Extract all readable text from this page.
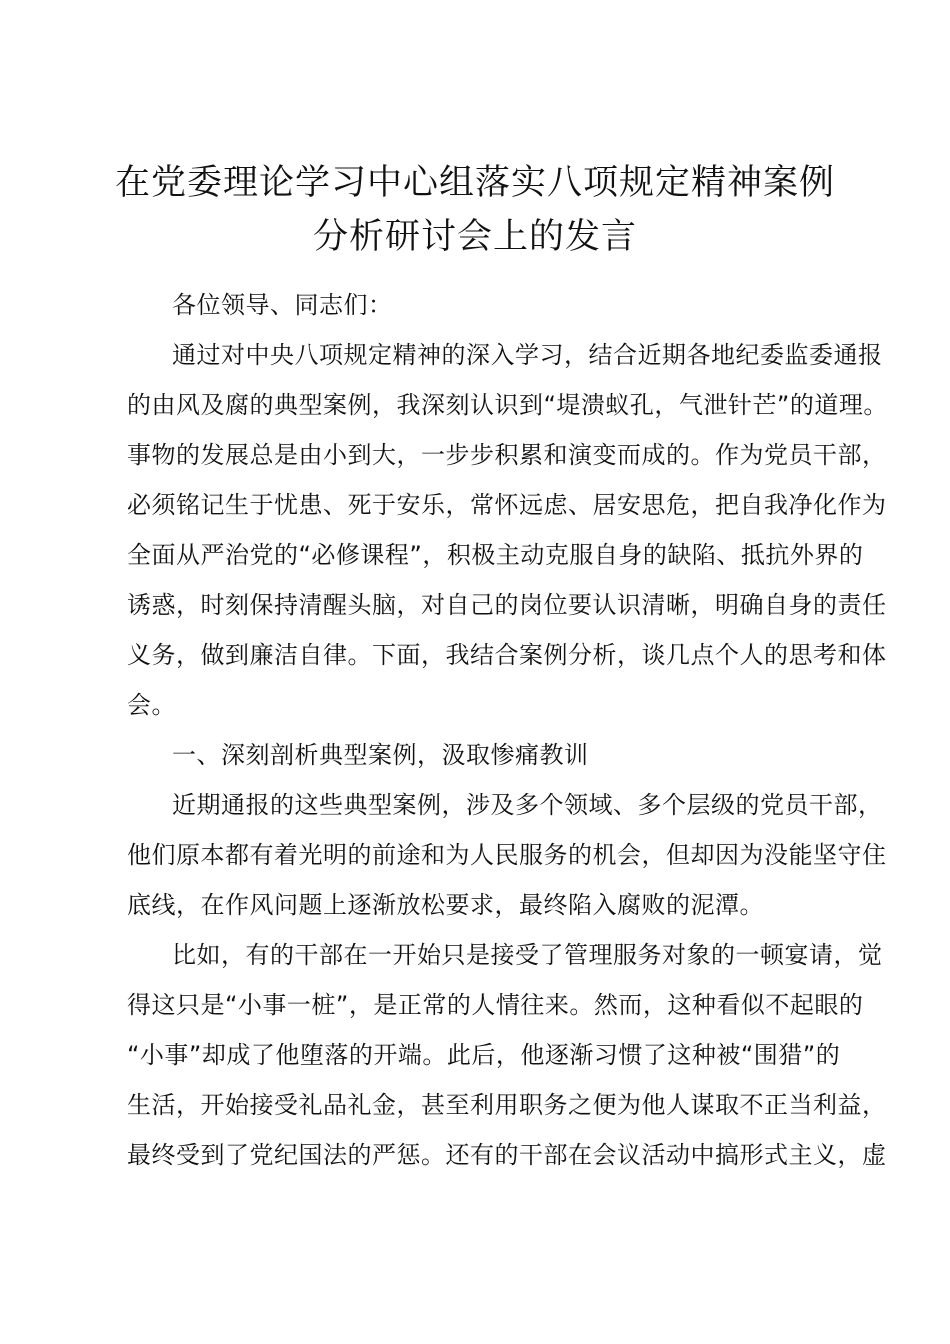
在党委理论学习中心组落实八项规定精神案例
分析研讨会上的发言
各位领导、同志们：
通过对中央八项规定精神的深入学习，结合近期各地纪委监委通报
的由风及腐的典型案例，我深刻认识到“堤溃蚁孔，气泄针芒”的道理。
事物的发展总是由小到大，一步步积累和演变而成的。作为党员干部，
必须铭记生于忧患、死于安乐，常怀远虑、居安思危，把自我净化作为
全面从严治党的“必修课程”，积极主动克服自身的缺陷、抵抗外界的
诱惑，时刻保持清醒头脑，对自己的岗位要认识清晰，明确自身的责任
义务，做到廉洁自律。下面，我结合案例分析，谈几点个人的思考和体
会。
一、深刻剖析典型案例，汲取惨痛教训
近期通报的这些典型案例，涉及多个领域、多个层级的党员干部，
他们原本都有着光明的前途和为人民服务的机会，但却因为没能坚守住
底线，在作风问题上逐渐放松要求，最终陷入腐败的泥潭。
比如，有的干部在一开始只是接受了管理服务对象的一顿宴请，觉
得这只是“小事一桩”，是正常的人情往来。然而，这种看似不起眼的
“小事”却成了他堕落的开端。此后，他逐渐习惯了这种被“围猎”的
生活，开始接受礼品礼金，甚至利用职务之便为他人谋取不正当利益，
最终受到了党纪国法的严惩。还有的干部在会议活动中搞形式主义，虚
